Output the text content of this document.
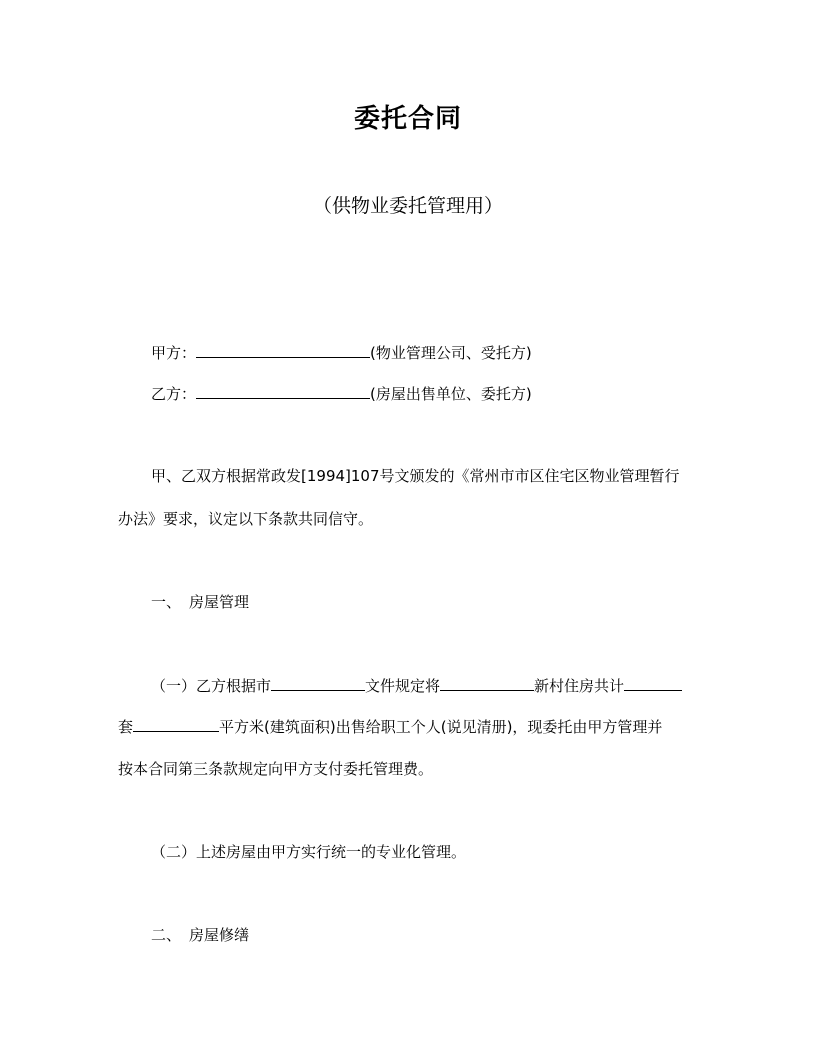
委托合同
（供物业委托管理用）
甲方：	(物业管理公司、受托方)
乙方：	(房屋出售单位、委托方)
甲、乙双方根据常政发[1994]107号文颁发的《常州市市区住宅区物业管理暂行
办法》要求，议定以下条款共同信守。
一、 房屋管理
（一）乙方根据市	文件规定将	新村住房共计
套	平方米(建筑面积)出售给职工个人(说见清册)，现委托由甲方管理并
按本合同第三条款规定向甲方支付委托管理费。
（二）上述房屋由甲方实行统一的专业化管理。
二、 房屋修缮
